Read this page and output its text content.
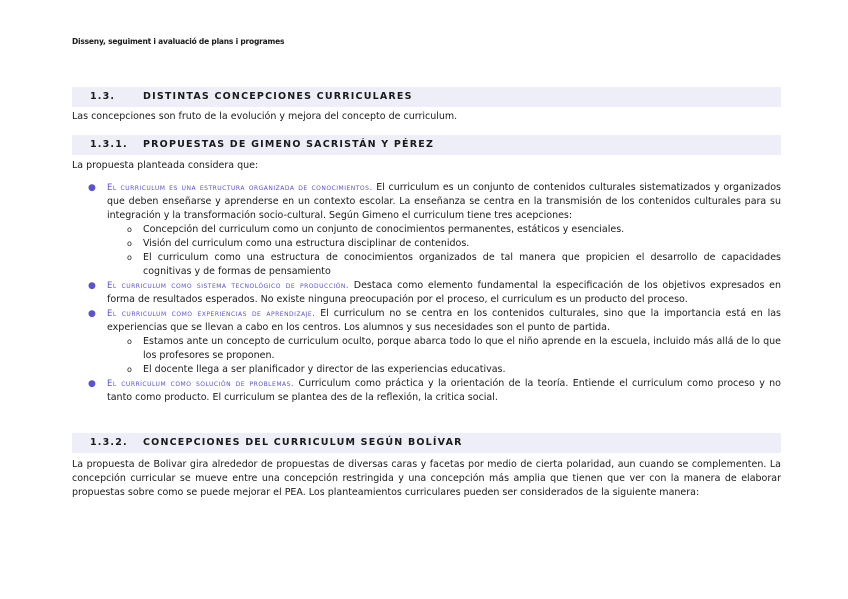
Disseny, seguiment i avaluació de plans i programes
1.3.	DISTINTAS CONCEPCIONES CURRICULARES
Las concepciones son fruto de la evolución y mejora del concepto de curriculum.
1.3.1. PROPUESTAS DE GIMENO SACRISTÁN Y PÉREZ
La propuesta planteada considera que:
● El curriculum es una estructura organizada de conocimientos. El curriculum es un conjunto de contenidos culturales sistematizados y organizados que deben enseñarse y aprenderse en un contexto escolar. La enseñanza se centra en la transmisión de los contenidos culturales para su integración y la transformación socio-cultural. Según Gimeno el curriculum tiene tres acepciones:
o Concepción del curriculum como un conjunto de conocimientos permanentes, estáticos y esenciales.
o Visión del curriculum como una estructura disciplinar de contenidos.
o El curriculum como una estructura de conocimientos organizados de tal manera que propicien el desarrollo de capacidades cognitivas y de formas de pensamiento
● El curriculum como sistema tecnológico de producción. Destaca como elemento fundamental la especificación de los objetivos expresados en forma de resultados esperados. No existe ninguna preocupación por el proceso, el curriculum es un producto del proceso.
● El curriculum como experiencias de aprendizaje. El curriculum no se centra en los contenidos culturales, sino que la importancia está en las experiencias que se llevan a cabo en los centros. Los alumnos y sus necesidades son el punto de partida.
o Estamos ante un concepto de curriculum oculto, porque abarca todo lo que el niño aprende en la escuela, incluido más allá de lo que los profesores se proponen.
o El docente llega a ser planificador y director de las experiencias educativas.
● El currículum como solución de problemas. Curriculum como práctica y la orientación de la teoría. Entiende el curriculum como proceso y no tanto como producto. El curriculum se plantea des de la reflexión, la critica social.
1.3.2. CONCEPCIONES DEL CURRICULUM SEGÚN BOLÍVAR
La propuesta de Bolivar gira alrededor de propuestas de diversas caras y facetas por medio de cierta polaridad, aun cuando se complementen. La concepción curricular se mueve entre una concepción restringida y una concepción más amplia que tienen que ver con la manera de elaborar propuestas sobre como se puede mejorar el PEA. Los planteamientos curriculares pueden ser considerados de la siguiente manera:
